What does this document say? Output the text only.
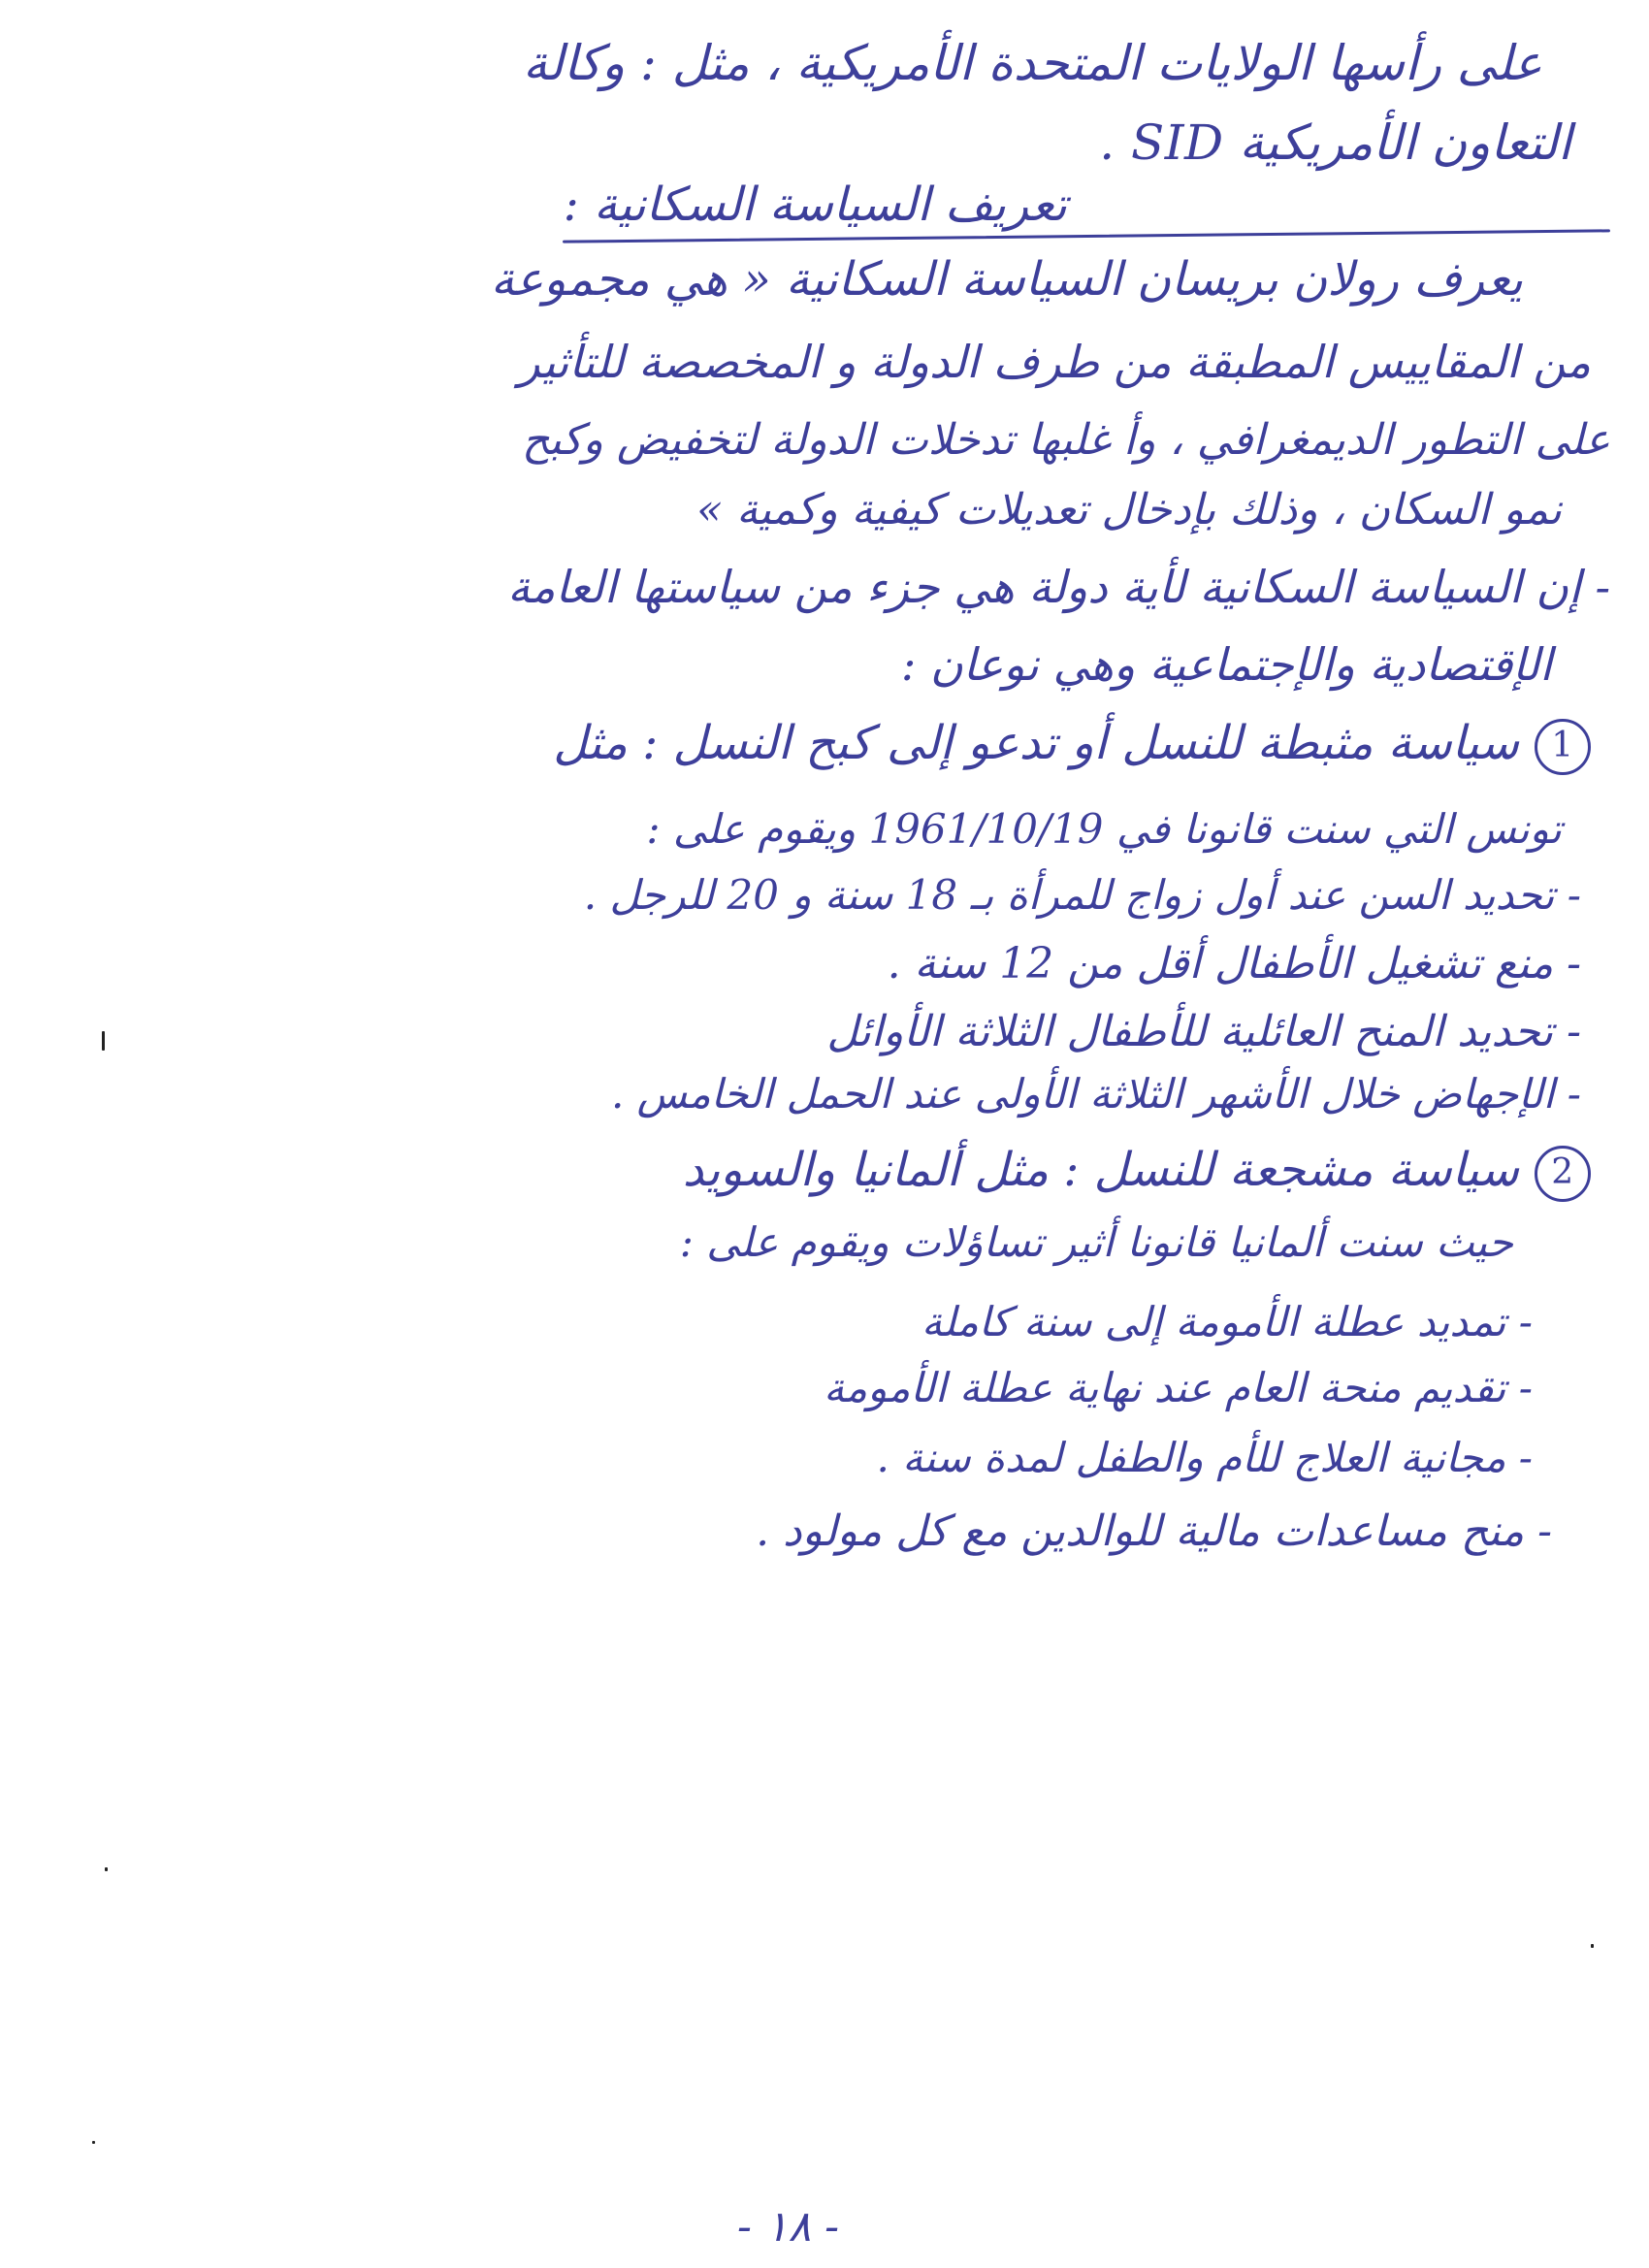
على رأسها الولايات المتحدة الأمريكية ، مثل : وكالة
التعاون الأمريكية SID .
تعريف السياسة السكانية :
يعرف رولان بريسان السياسة السكانية « هي مجموعة
من المقاييس المطبقة من طرف الدولة و المخصصة للتأثير
على التطور الديمغرافي ، وأ غلبها تدخلات الدولة لتخفيض وكبح
نمو السكان ، وذلك بإدخال تعديلات كيفية وكمية »
- إن السياسة السكانية لأية دولة هي جزء من سياستها العامة
الإقتصادية والإجتماعية وهي نوعان :
1سياسة مثبطة للنسل أو تدعو إلى كبح النسل : مثل
تونس التي سنت قانونا في 1961/10/19 ويقوم على :
- تحديد السن عند أول زواج للمرأة بـ 18 سنة و 20 للرجل .
- منع تشغيل الأطفال أقل من 12 سنة .
- تحديد المنح العائلية للأطفال الثلاثة الأوائل
- الإجهاض خلال الأشهر الثلاثة الأولى عند الحمل الخامس .
2سياسة مشجعة للنسل : مثل ألمانيا والسويد
حيث سنت ألمانيا قانونا أثير تساؤلات ويقوم على :
- تمديد عطلة الأمومة إلى سنة كاملة
- تقديم منحة العام عند نهاية عطلة الأمومة
- مجانية العلاج للأم والطفل لمدة سنة .
- منح مساعدات مالية للوالدين مع كل مولود .
- ١٨ -
